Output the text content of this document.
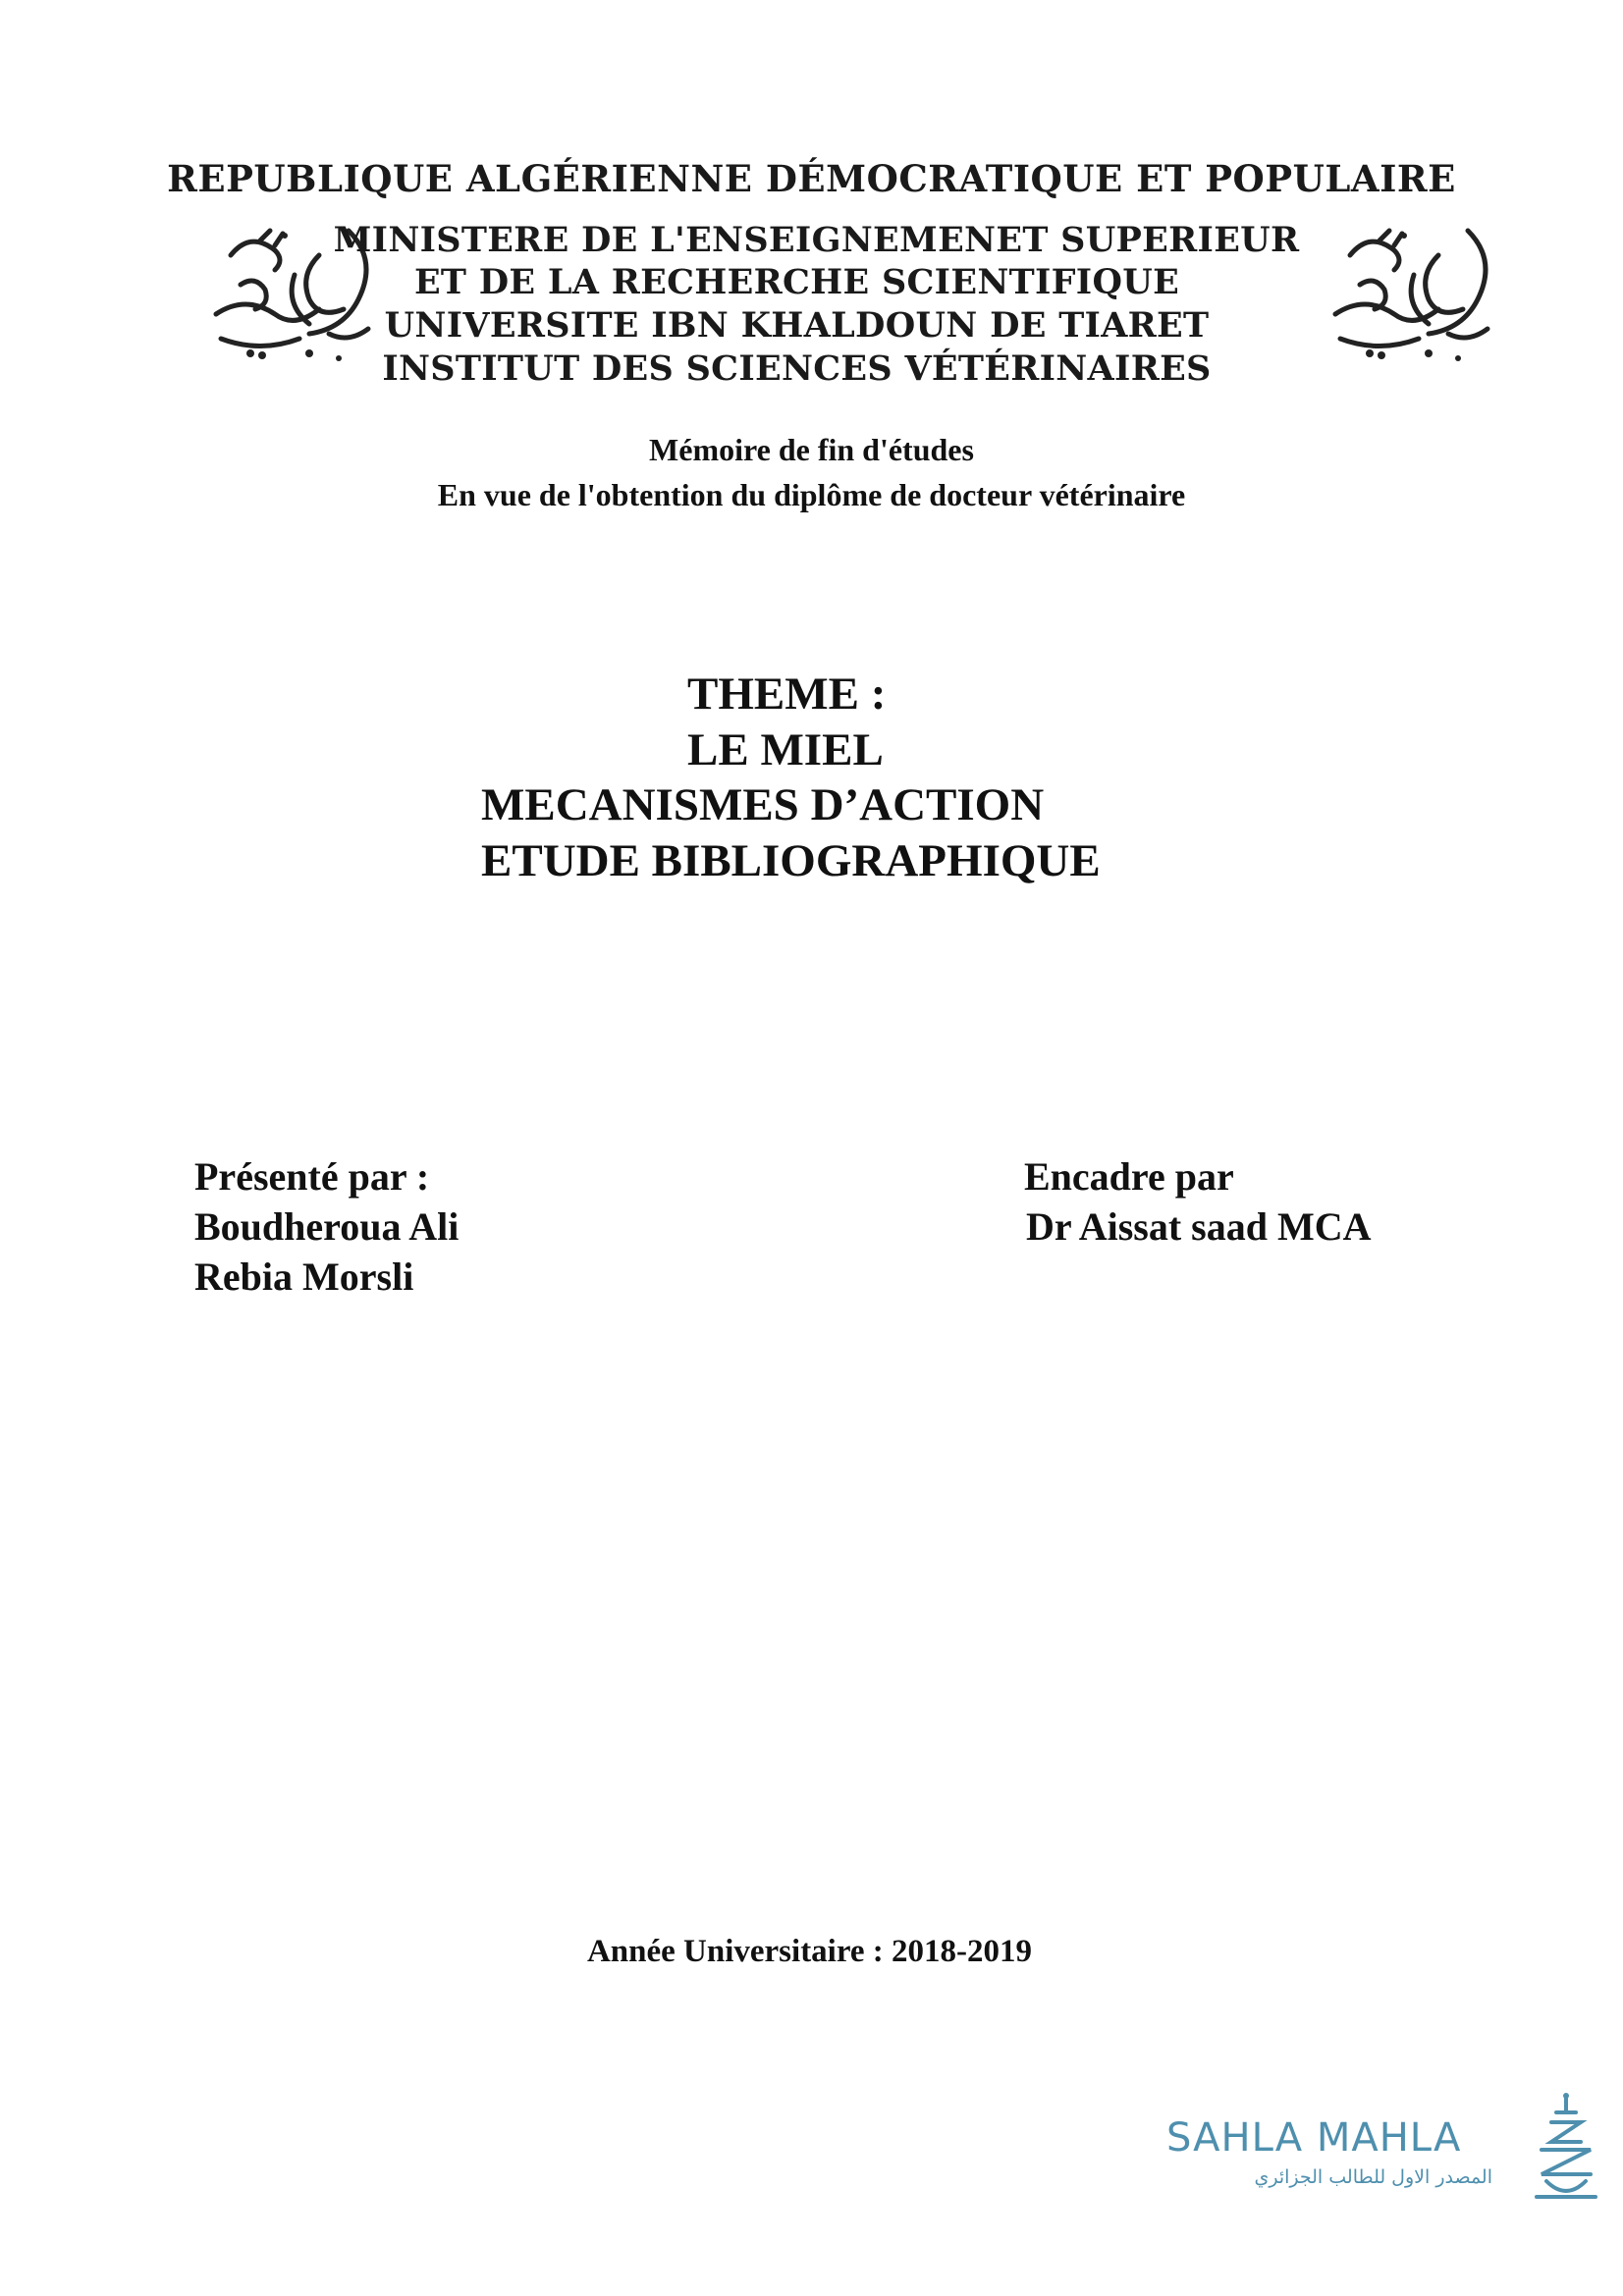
REPUBLIQUE ALGÉRIENNE DÉMOCRATIQUE ET POPULAIRE
MINISTERE DE L'ENSEIGNEMENET SUPERIEUR
ET DE LA RECHERCHE SCIENTIFIQUE
UNIVERSITE IBN KHALDOUN DE TIARET
INSTITUT DES SCIENCES VÉTÉRINAIRES
Mémoire de fin d'études
En vue de l'obtention du diplôme de docteur vétérinaire
THEME :
LE MIEL
MECANISMES D’ACTION
ETUDE BIBLIOGRAPHIQUE
Présenté par :
Boudheroua Ali
Rebia Morsli
Encadre par
Dr Aissat saad MCA
Année Universitaire : 2018-2019
SAHLA MAHLA
المصدر الاول للطالب الجزائري
